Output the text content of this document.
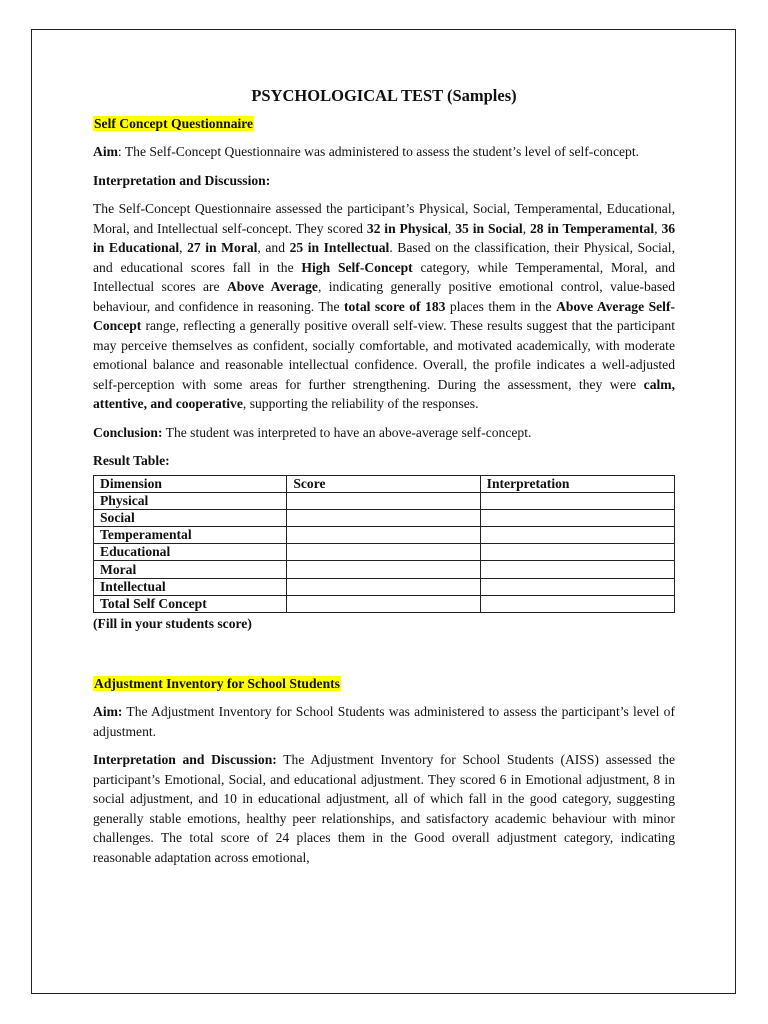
PSYCHOLOGICAL TEST (Samples)
Self Concept Questionnaire

Aim: The Self-Concept Questionnaire was administered to assess the student’s level of self-concept.

Interpretation and Discussion:

The Self-Concept Questionnaire assessed the participant’s Physical, Social, Temperamental, Educational, Moral, and Intellectual self-concept. They scored 32 in Physical, 35 in Social, 28 in Temperamental, 36 in Educational, 27 in Moral, and 25 in Intellectual. Based on the classification, their Physical, Social, and educational scores fall in the High Self-Concept category, while Temperamental, Moral, and Intellectual scores are Above Average, indicating generally positive emotional control, value-based behaviour, and confidence in reasoning. The total score of 183 places them in the Above Average Self-Concept range, reflecting a generally positive overall self-view. These results suggest that the participant may perceive themselves as confident, socially comfortable, and motivated academically, with moderate emotional balance and reasonable intellectual confidence. Overall, the profile indicates a well-adjusted self-perception with some areas for further strengthening. During the assessment, they were calm, attentive, and cooperative, supporting the reliability of the responses.

Conclusion: The student was interpreted to have an above-average self-concept.

Result Table:

Dimension	Score	Interpretation
Physical		
Social		
Temperamental		
Educational		
Moral		
Intellectual		
Total Self Concept		
(Fill in your students score)
Adjustment Inventory for School Students

Aim: The Adjustment Inventory for School Students was administered to assess the participant’s level of adjustment.

Interpretation and Discussion: The Adjustment Inventory for School Students (AISS) assessed the participant’s Emotional, Social, and educational adjustment. They scored 6 in Emotional adjustment, 8 in social adjustment, and 10 in educational adjustment, all of which fall in the good category, suggesting generally stable emotions, healthy peer relationships, and satisfactory academic behaviour with minor challenges. The total score of 24 places them in the Good overall adjustment category, indicating reasonable adaptation across emotional,
